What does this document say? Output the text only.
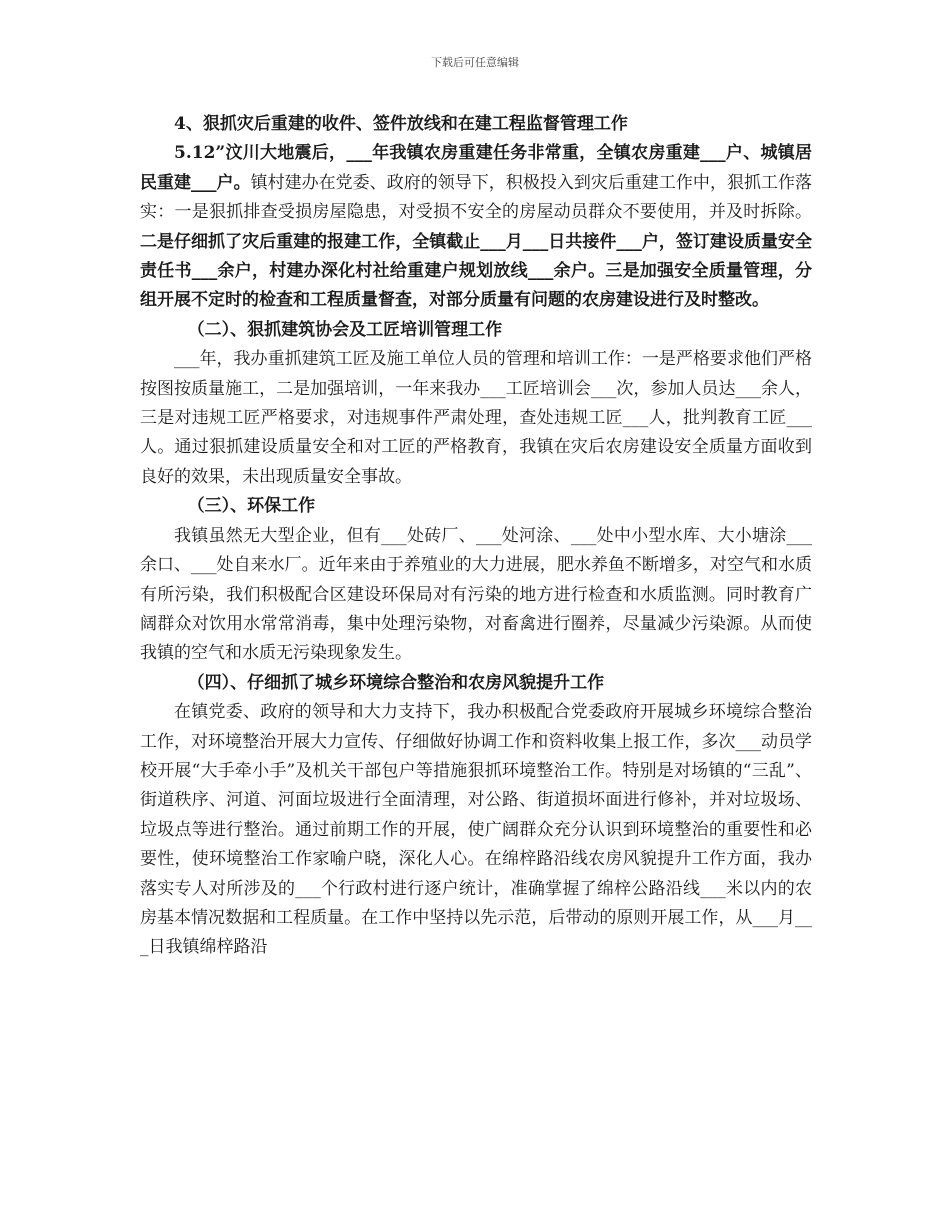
下载后可任意编辑

4、狠抓灾后重建的收件、签件放线和在建工程监督管理工作

5.12”汶川大地震后，___年我镇农房重建任务非常重，全镇农房重建___户、城镇居民重建___户。镇村建办在党委、政府的领导下，积极投入到灾后重建工作中，狠抓工作落实：一是狠抓排查受损房屋隐患，对受损不安全的房屋动员群众不要使用，并及时拆除。二是仔细抓了灾后重建的报建工作，全镇截止___月___日共接件___户，签订建设质量安全责任书___余户，村建办深化村社给重建户规划放线___余户。三是加强安全质量管理，分组开展不定时的检查和工程质量督查，对部分质量有问题的农房建设进行及时整改。

（二）、狠抓建筑协会及工匠培训管理工作

___年，我办重抓建筑工匠及施工单位人员的管理和培训工作：一是严格要求他们严格按图按质量施工，二是加强培训，一年来我办___工匠培训会___次，参加人员达___余人，三是对违规工匠严格要求，对违规事件严肃处理，查处违规工匠___人，批判教育工匠___人。通过狠抓建设质量安全和对工匠的严格教育，我镇在灾后农房建设安全质量方面收到良好的效果，未出现质量安全事故。

（三）、环保工作

我镇虽然无大型企业，但有___处砖厂、___处河涂、___处中小型水库、大小塘涂___余口、___处自来水厂。近年来由于养殖业的大力进展，肥水养鱼不断增多，对空气和水质有所污染，我们积极配合区建设环保局对有污染的地方进行检查和水质监测。同时教育广阔群众对饮用水常常消毒，集中处理污染物，对畜禽进行圈养，尽量减少污染源。从而使我镇的空气和水质无污染现象发生。

（四）、仔细抓了城乡环境综合整治和农房风貌提升工作

在镇党委、政府的领导和大力支持下，我办积极配合党委政府开展城乡环境综合整治工作，对环境整治开展大力宣传、仔细做好协调工作和资料收集上报工作，多次___动员学校开展“大手牵小手”及机关干部包户等措施狠抓环境整治工作。特别是对场镇的“三乱”、街道秩序、河道、河面垃圾进行全面清理，对公路、街道损坏面进行修补，并对垃圾场、垃圾点等进行整治。通过前期工作的开展，使广阔群众充分认识到环境整治的重要性和必要性，使环境整治工作家喻户晓，深化人心。在绵梓路沿线农房风貌提升工作方面，我办落实专人对所涉及的___个行政村进行逐户统计，准确掌握了绵梓公路沿线___米以内的农房基本情况数据和工程质量。在工作中坚持以先示范，后带动的原则开展工作，从___月___日我镇绵梓路沿
